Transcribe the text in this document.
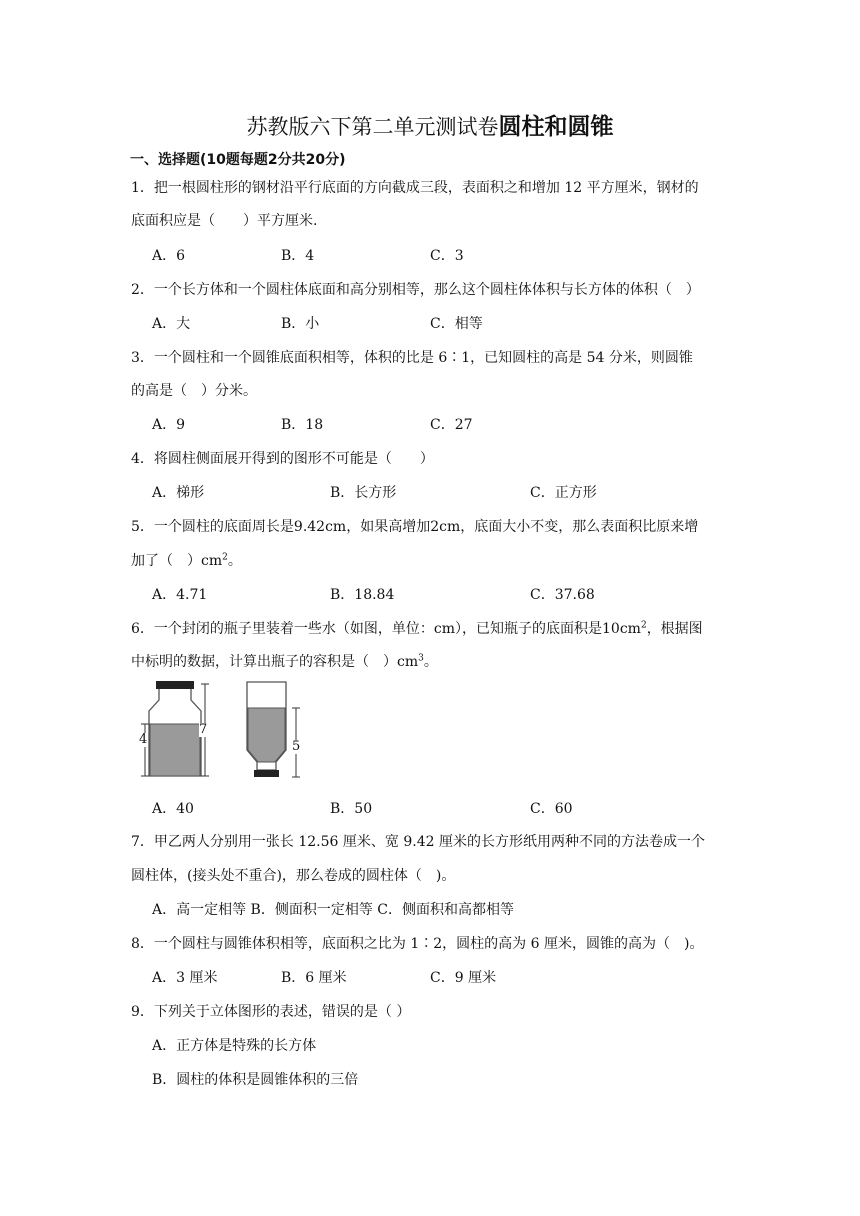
苏教版六下第二单元测试卷圆柱和圆锥
一、选择题(10题每题2分共20分)
1．把一根圆柱形的钢材沿平行底面的方向截成三段，表面积之和增加 12 平方厘米，钢材的
底面积应是（　　）平方厘米.
A．6	B．4	C．3
2．一个长方体和一个圆柱体底面和高分别相等，那么这个圆柱体体积与长方体的体积（　）
A．大	B．小	C．相等
3．一个圆柱和一个圆锥底面积相等，体积的比是 6∶1，已知圆柱的高是 54 分米，则圆锥
的高是（　）分米。
A．9	B．18	C．27
4．将圆柱侧面展开得到的图形不可能是（　　）
A．梯形	B．长方形	C．正方形
5．一个圆柱的底面周长是9.42cm，如果高增加2cm，底面大小不变，那么表面积比原来增
加了（　）$cm^2$。
A．4.71	B．18.84	C．37.68
6．一个封闭的瓶子里装着一些水（如图，单位：cm），已知瓶子的底面积是$10cm^2$，根据图
中标明的数据，计算出瓶子的容积是（　）$cm^3$。
4
7
5
A．40	B．50	C．60
7．甲乙两人分别用一张长 12.56 厘米、宽 9.42 厘米的长方形纸用两种不同的方法卷成一个
圆柱体，(接头处不重合)，那么卷成的圆柱体（　)。
A．高一定相等 B．侧面积一定相等 C．侧面积和高都相等
8．一个圆柱与圆锥体积相等，底面积之比为 1∶2，圆柱的高为 6 厘米，圆锥的高为（　)。
A．3 厘米	B．6 厘米	C．9 厘米
9．下列关于立体图形的表述，错误的是（ ）
A．正方体是特殊的长方体
B．圆柱的体积是圆锥体积的三倍
